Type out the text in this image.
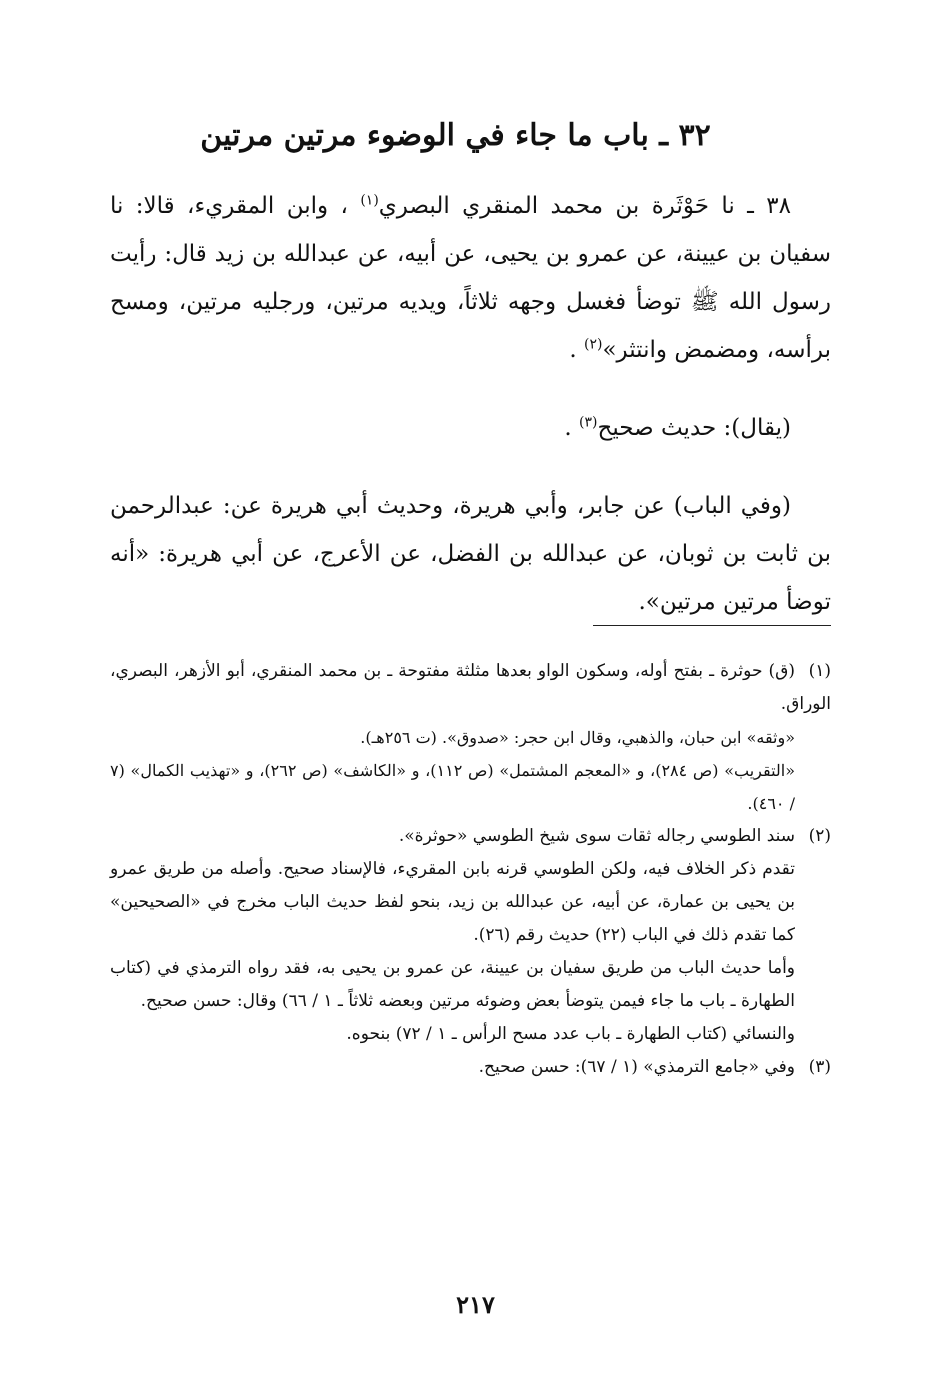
٣٢ ـ باب ما جاء في الوضوء مرتين مرتين

٣٨ ـ نا حَوْثَرة بن محمد المنقري البصري$^{(١)}$ ، وابن المقريء، قالا: نا سفيان بن عيينة، عن عمرو بن يحيى، عن أبيه، عن عبدالله بن زيد قال: رأيت رسول الله ﷺ توضأ فغسل وجهه ثلاثاً، ويديه مرتين، ورجليه مرتين، ومسح برأسه، ومضمض وانتثر»$^{(٢)}$ .

(يقال): حديث صحيح$^{(٣)}$ .

(وفي الباب) عن جابر، وأبي هريرة، وحديث أبي هريرة عن: عبدالرحمن بن ثابت بن ثوبان، عن عبدالله بن الفضل، عن الأعرج، عن أبي هريرة: «أنه توضأ مرتين مرتين».

(١)(ق) حوثرة ـ بفتح أوله، وسكون الواو بعدها مثلثة مفتوحة ـ بن محمد المنقري، أبو الأزهر، البصري، الوراق.

«وثقه» ابن حبان، والذهبي، وقال ابن حجر: «صدوق». (ت ٢٥٦هـ).

«التقريب» (ص ٢٨٤)، و «المعجم المشتمل» (ص ١١٢)، و «الكاشف» (ص ٢٦٢)، و «تهذيب الكمال» (٧ / ٤٦٠).

(٢)سند الطوسي رجاله ثقات سوى شيخ الطوسي «حوثرة».

تقدم ذكر الخلاف فيه، ولكن الطوسي قرنه بابن المقريء، فالإسناد صحيح. وأصله من طريق عمرو بن يحيى بن عمارة، عن أبيه، عن عبدالله بن زيد، بنحو لفظ حديث الباب مخرج في «الصحيحين» كما تقدم ذلك في الباب (٢٢) حديث رقم (٢٦).

وأما حديث الباب من طريق سفيان بن عيينة، عن عمرو بن يحيى به، فقد رواه الترمذي في (كتاب الطهارة ـ باب ما جاء فيمن يتوضأ بعض وضوئه مرتين وبعضه ثلاثاً ـ ١ / ٦٦) وقال: حسن صحيح.

والنسائي (كتاب الطهارة ـ باب عدد مسح الرأس ـ ١ / ٧٢) بنحوه.

(٣)وفي «جامع الترمذي» (١ / ٦٧): حسن صحيح.

٢١٧
